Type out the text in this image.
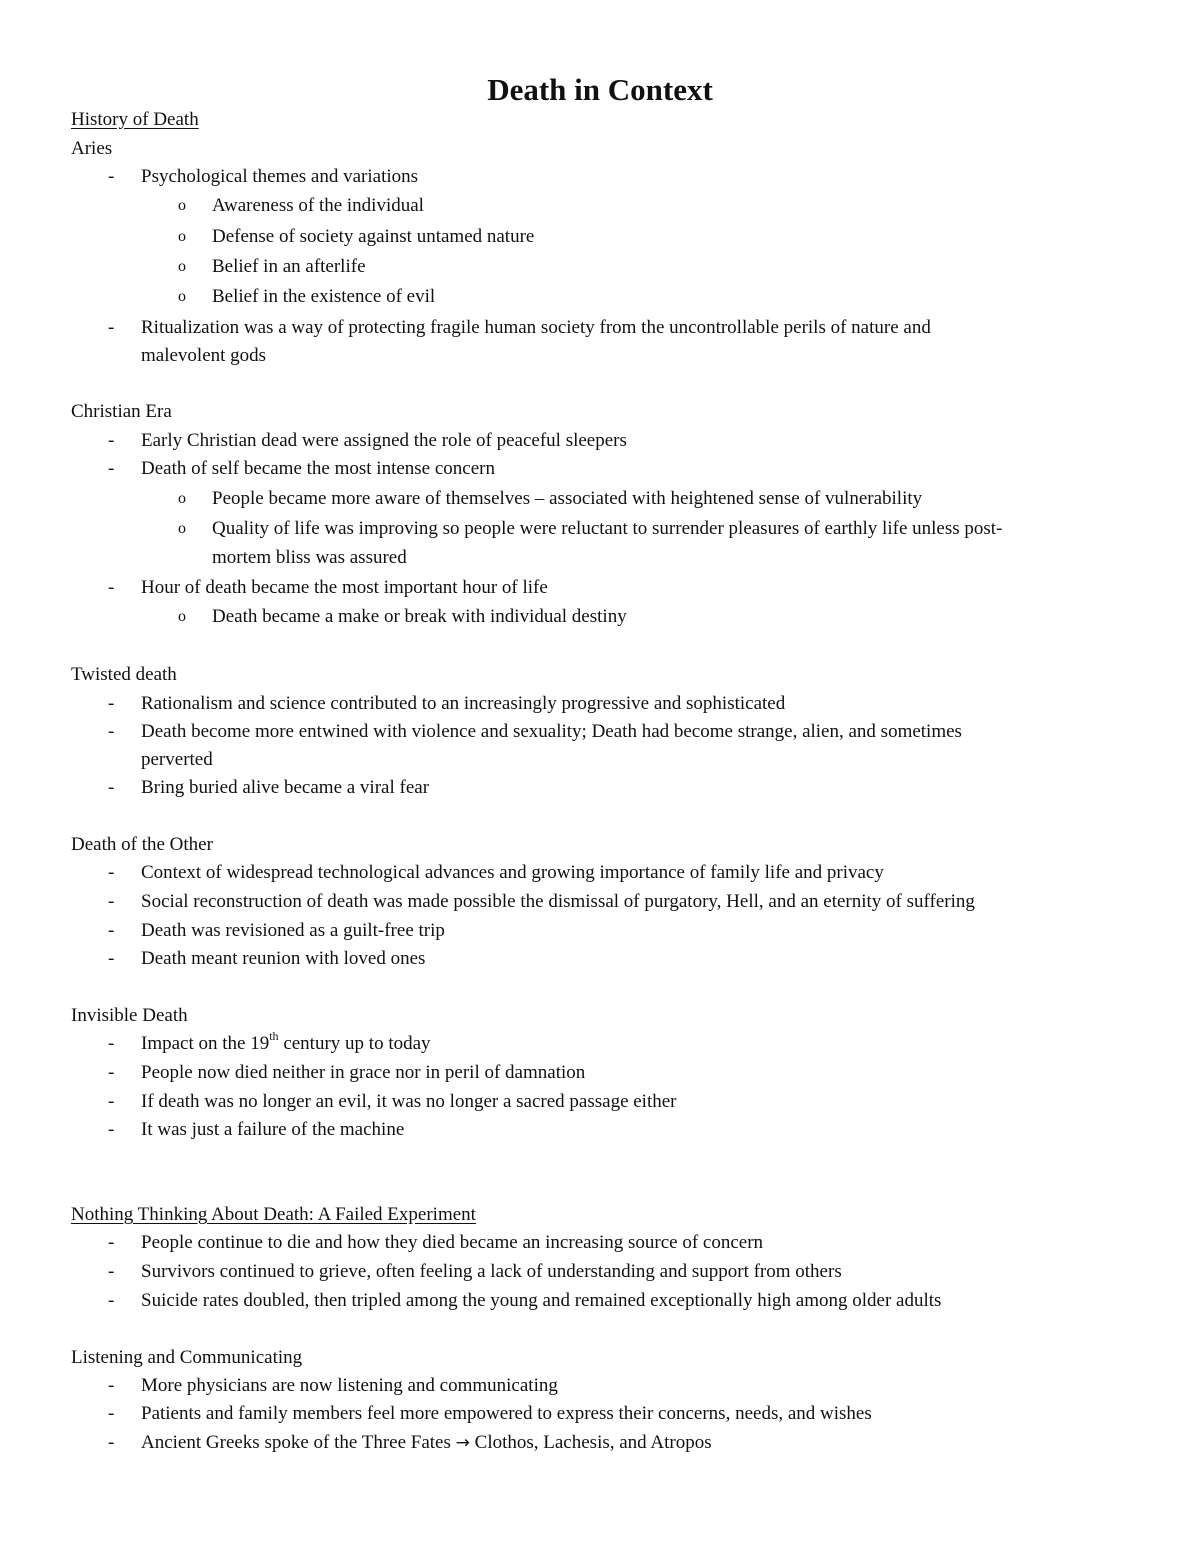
Death in Context
History of Death
Aries
- Psychological themes and variations
o Awareness of the individual
o Defense of society against untamed nature
o Belief in an afterlife
o Belief in the existence of evil
- Ritualization was a way of protecting fragile human society from the uncontrollable perils of nature and
malevolent gods
Christian Era
- Early Christian dead were assigned the role of peaceful sleepers
- Death of self became the most intense concern
o People became more aware of themselves – associated with heightened sense of vulnerability
o Quality of life was improving so people were reluctant to surrender pleasures of earthly life unless post-
mortem bliss was assured
- Hour of death became the most important hour of life
o Death became a make or break with individual destiny
Twisted death
- Rationalism and science contributed to an increasingly progressive and sophisticated
- Death become more entwined with violence and sexuality; Death had become strange, alien, and sometimes
perverted
- Bring buried alive became a viral fear
Death of the Other
- Context of widespread technological advances and growing importance of family life and privacy
- Social reconstruction of death was made possible the dismissal of purgatory, Hell, and an eternity of suffering
- Death was revisioned as a guilt-free trip
- Death meant reunion with loved ones
Invisible Death
- Impact on the 19th century up to today
- People now died neither in grace nor in peril of damnation
- If death was no longer an evil, it was no longer a sacred passage either
- It was just a failure of the machine
Nothing Thinking About Death: A Failed Experiment
- People continue to die and how they died became an increasing source of concern
- Survivors continued to grieve, often feeling a lack of understanding and support from others
- Suicide rates doubled, then tripled among the young and remained exceptionally high among older adults
Listening and Communicating
- More physicians are now listening and communicating
- Patients and family members feel more empowered to express their concerns, needs, and wishes
- Ancient Greeks spoke of the Three Fates → Clothos, Lachesis, and Atropos
